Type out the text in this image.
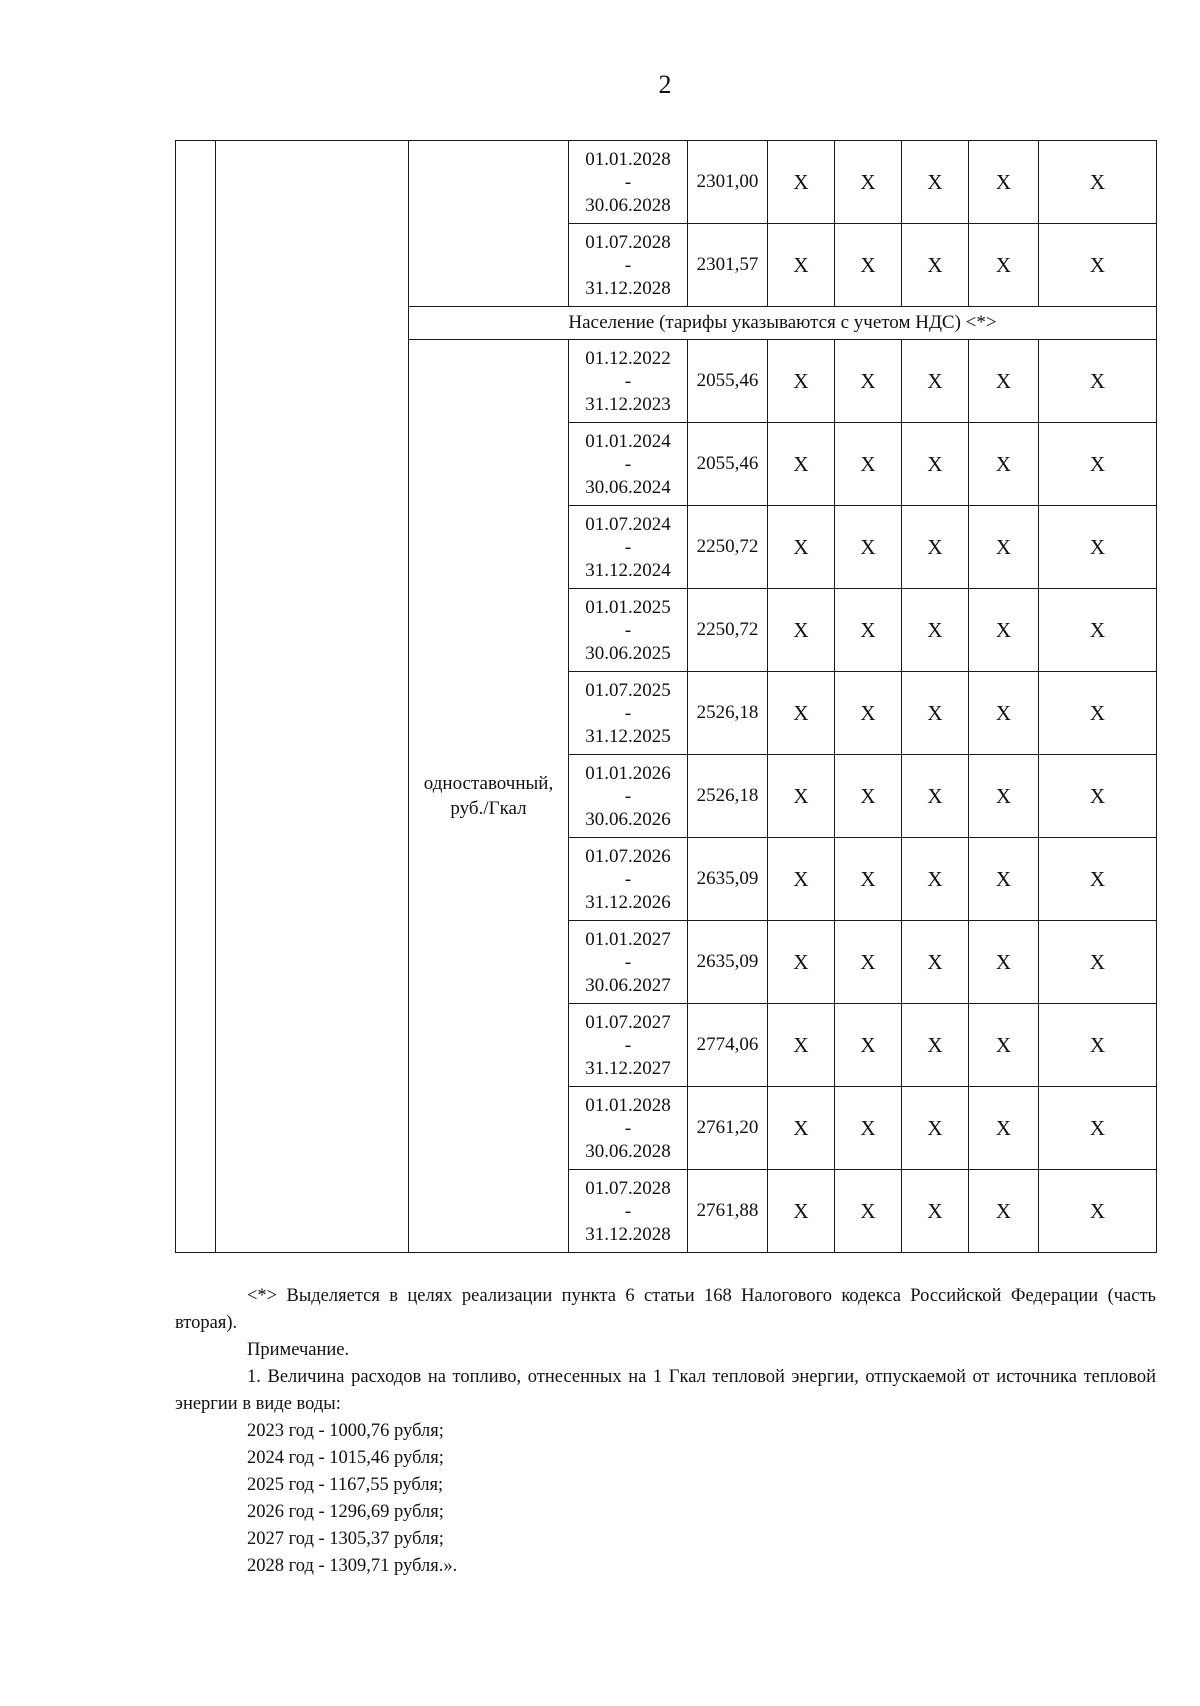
2

			01.01.2028
-
30.06.2028	2301,00	Х	Х	Х	Х	Х

			01.07.2028
-
31.12.2028	2301,57	Х	Х	Х	Х	Х
		Население (тарифы указываются с учетом НДС) <*>							
		одноставочный,
руб./Гкал	01.12.2022
-
31.12.2023	2055,46	Х	Х	Х	Х	Х

			01.01.2024
-
30.06.2024	2055,46	Х	Х	Х	Х	Х

			01.07.2024
-
31.12.2024	2250,72	Х	Х	Х	Х	Х

			01.01.2025
-
30.06.2025	2250,72	Х	Х	Х	Х	Х

			01.07.2025
-
31.12.2025	2526,18	Х	Х	Х	Х	Х

			01.01.2026
-
30.06.2026	2526,18	Х	Х	Х	Х	Х

			01.07.2026
-
31.12.2026	2635,09	Х	Х	Х	Х	Х

			01.01.2027
-
30.06.2027	2635,09	Х	Х	Х	Х	Х

			01.07.2027
-
31.12.2027	2774,06	Х	Х	Х	Х	Х

			01.01.2028
-
30.06.2028	2761,20	Х	Х	Х	Х	Х

			01.07.2028
-
31.12.2028	2761,88	Х	Х	Х	Х	Х

<*> Выделяется в целях реализации пункта 6 статьи 168 Налогового кодекса Российской Федерации (часть вторая).

Примечание.

1. Величина расходов на топливо, отнесенных на 1 Гкал тепловой энергии, отпускаемой от источника тепловой энергии в виде воды:

2023 год - 1000,76 рубля;

2024 год - 1015,46 рубля;

2025 год - 1167,55 рубля;

2026 год - 1296,69 рубля;

2027 год - 1305,37 рубля;

2028 год - 1309,71 рубля.».
